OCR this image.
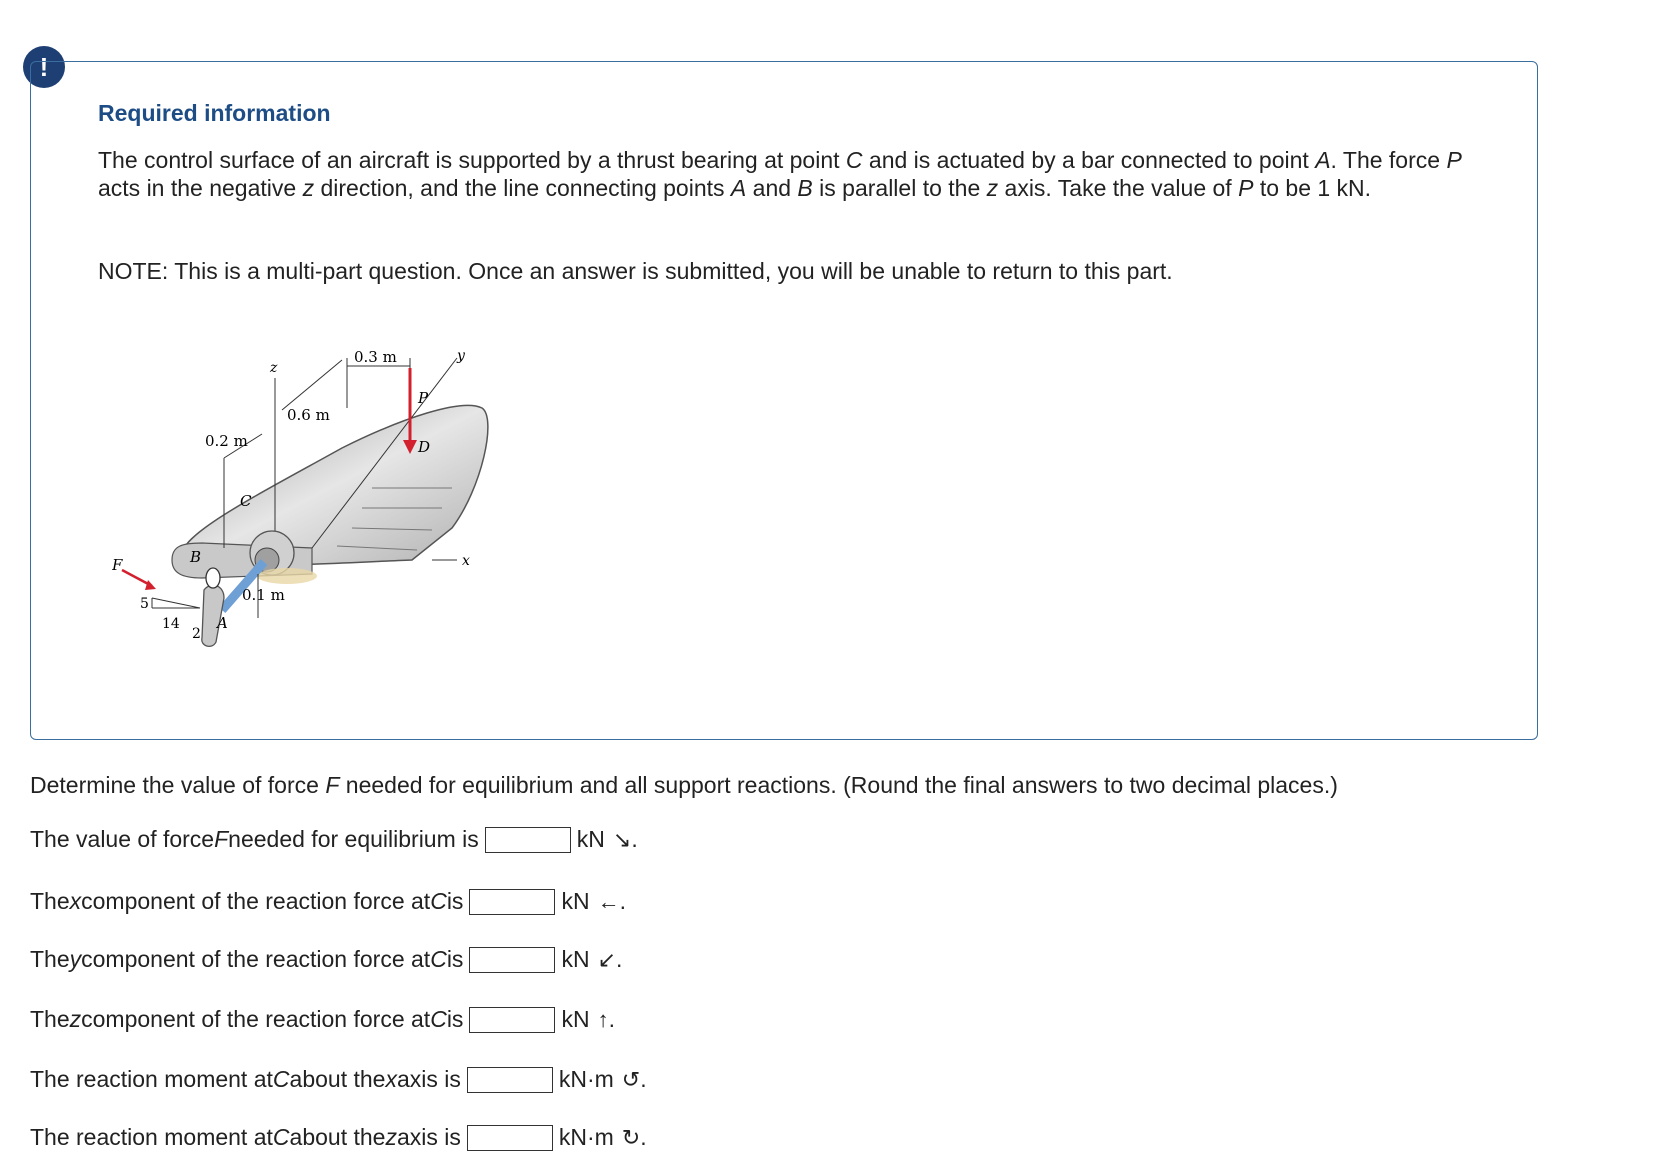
!
Required information
The control surface of an aircraft is supported by a thrust bearing at point C and is actuated by a bar connected to point A. The force P acts in the negative z direction, and the line connecting points A and B is parallel to the z axis. Take the value of P to be 1 kN.
NOTE: This is a multi-part question. Once an answer is submitted, you will be unable to return to this part.
z
y
x
0.3 m
0.6 m
0.2 m
P
D
C
B
A
0.1 m
F
5
14
2
Determine the value of force F needed for equilibrium and all support reactions. (Round the final answers to two decimal places.)
The value of force F needed for equilibrium is	kN ↘ .
The x component of the reaction force at C is	kN ← .
The y component of the reaction force at C is	kN ↙ .
The z component of the reaction force at C is	kN ↑ .
The reaction moment at C about the x axis is	kN·m ↺ .
The reaction moment at C about the z axis is	kN·m ↻ .
